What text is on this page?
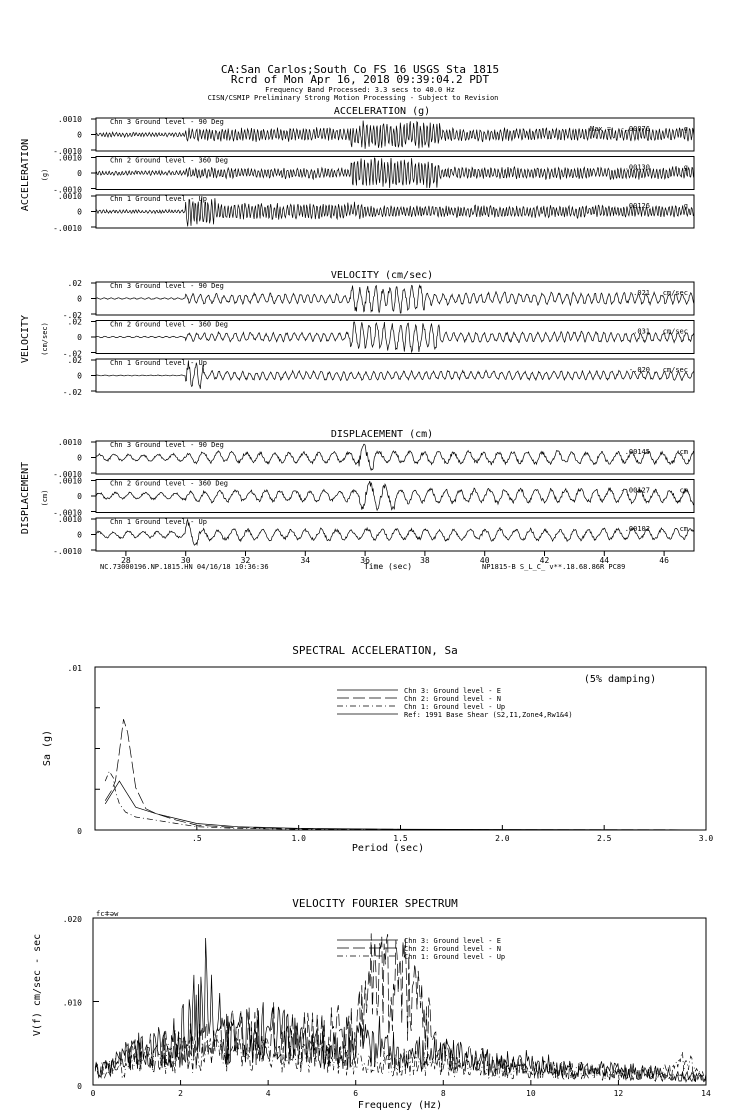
CA:San Carlos;South Co FS 16 USGS Sta 1815
Rcrd of Mon Apr 16, 2018 09:39:04.2 PDT
Frequency Band Processed: 3.3 secs to 40.0 Hz
CISN/CSMIP Preliminary Strong Motion Processing - Subject to Revision
NC.73000196.NP.1815.HN 04/16/18 10:36:36	Time (sec)	NP1815-B S_L_C_ v**.18.68.86R PC89
ACCELERATION (g)
ACCELERATION (g)
Chn 3 Ground level - 90 Deg
.0010
0
-.0010
Max = -.00076	g
Chn 2 Ground level - 360 Deg
.0010
0
-.0010
.00130	g
Chn 1 Ground level - Up
.0010
0
-.0010
.00126	g
VELOCITY (cm/sec)
VELOCITY (cm/sec)
Chn 3 Ground level - 90 Deg
.02
0
-.02
-.021 cm/sec
Chn 2 Ground level - 360 Deg
.02
0
-.02
.031 cm/sec
Chn 1 Ground level - Up
.02
0
-.02
-.020 cm/sec
DISPLACEMENT (cm)
DISPLACEMENT (cm)
Chn 3 Ground level - 90 Deg
.0010
0
-.0010
.00145	cm
Chn 2 Ground level - 360 Deg
.0010
0
-.0010
-.00127	cm
Chn 1 Ground level - Up
.0010
0
-.0010
.00102	cm
28	30	32	34	36	38	40	42	44	46
SPECTRAL ACCELERATION, Sa
(5% damping)
Sa (g)
Period (sec)
.01
0
.5	1.0	1.5	2.0	2.5	3.0
Chn 3: Ground level - E
Chn 2: Ground level - N
Chn 1: Ground level - Up
Ref: 1991 Base Shear (S2,I1,Zone4,Rw1&4)
VELOCITY FOURIER SPECTRUM
fcⵐəw
V(f) cm/sec - sec
Frequency (Hz)
.020
.010
0
0	2	4	6	8	10	12	14
Chn 3: Ground level - E
Chn 2: Ground level - N
Chn 1: Ground level - Up
